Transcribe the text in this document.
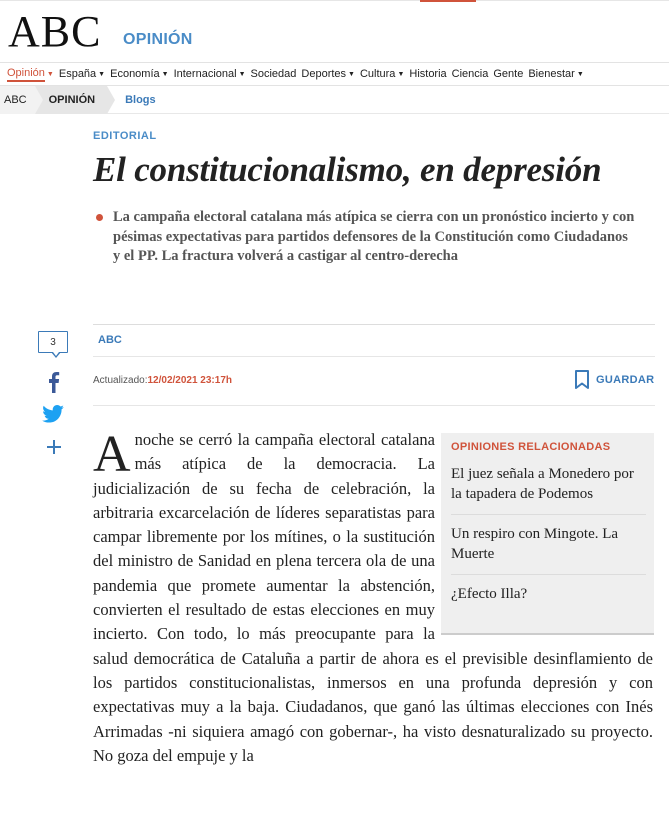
ABC OPINIÓN
Opinión ▼ España ▼ Economía ▼ Internacional ▼ Sociedad Deportes ▼ Cultura ▼ Historia Ciencia Gente Bienestar ▼
ABC OPINIÓN	Blogs
EDITORIAL
El constitucionalismo, en depresión

La campaña electoral catalana más atípica se cierra con un pronóstico incierto y con pésimas expectativas para partidos defensores de la Constitución como Ciudadanos y el PP. La fractura volverá a castigar al centro-derecha

3	ABC
Actualizado:12/02/2021 23:17h	GUARDAR
A noche se cerró la campaña electoral catalana más atípica de la democracia. La judicialización de su fecha de celebración, la arbitraria excarcelación de líderes separatistas para campar libremente por los mítines, o la sustitución del ministro de Sanidad en plena tercera ola de una pandemia que promete aumentar la abstención, convierten el resultado de estas elecciones en muy incierto. Con todo, lo más preocupante para la salud democrática de Cataluña a partir de ahora es el previsible desinflamiento de los partidos constitucionalistas, inmersos en una profunda depresión y con expectativas muy a la baja. Ciudadanos, que ganó las últimas elecciones con Inés Arrimadas -ni siquiera amagó con gobernar-, ha visto desnaturalizado su proyecto. No goza del empuje y la

OPINIONES RELACIONADAS
El juez señala a Monedero por la tapadera de Podemos
Un respiro con Mingote. La Muerte
¿Efecto Illa?
